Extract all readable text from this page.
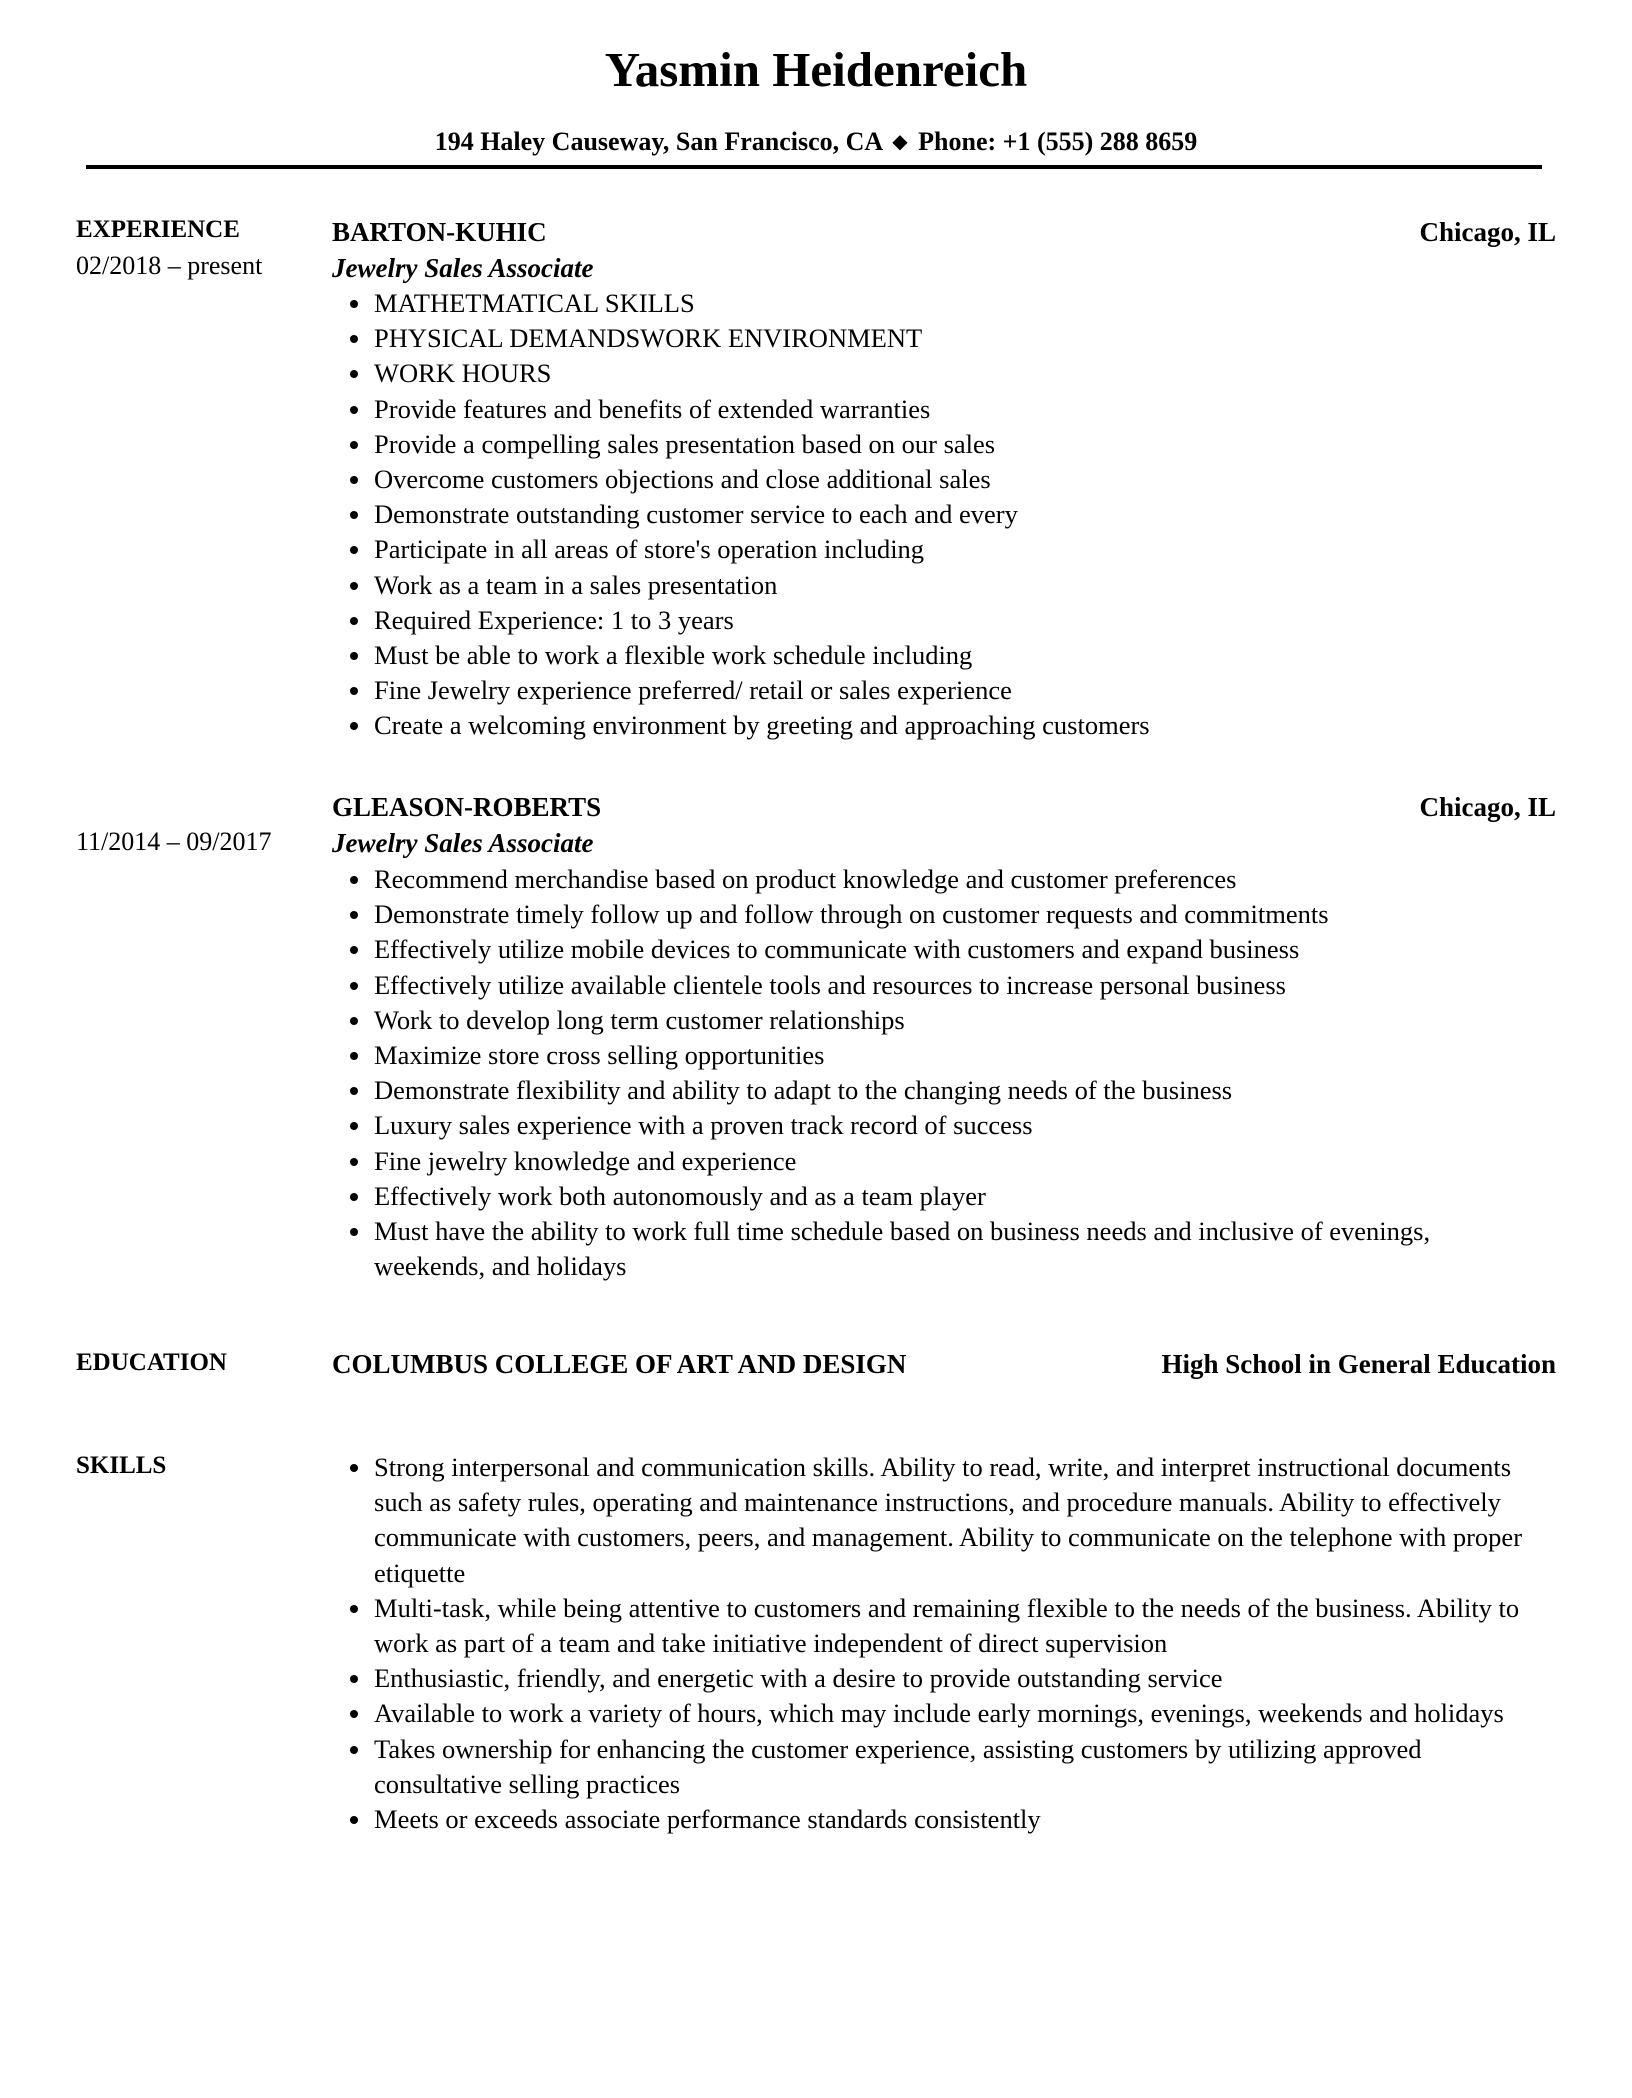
Yasmin Heidenreich
194 Haley Causeway, San Francisco, CA ◆ Phone: +1 (555) 288 8659
EXPERIENCE
02/2018 – present
BARTON-KUHIC	Chicago, IL
Jewelry Sales Associate
MATHETMATICAL SKILLS
PHYSICAL DEMANDSWORK ENVIRONMENT
WORK HOURS
Provide features and benefits of extended warranties
Provide a compelling sales presentation based on our sales
Overcome customers objections and close additional sales
Demonstrate outstanding customer service to each and every
Participate in all areas of store's operation including
Work as a team in a sales presentation
Required Experience: 1 to 3 years
Must be able to work a flexible work schedule including
Fine Jewelry experience preferred/ retail or sales experience
Create a welcoming environment by greeting and approaching customers
11/2014 – 09/2017
GLEASON-ROBERTS	Chicago, IL
Jewelry Sales Associate
Recommend merchandise based on product knowledge and customer preferences
Demonstrate timely follow up and follow through on customer requests and commitments
Effectively utilize mobile devices to communicate with customers and expand business
Effectively utilize available clientele tools and resources to increase personal business
Work to develop long term customer relationships
Maximize store cross selling opportunities
Demonstrate flexibility and ability to adapt to the changing needs of the business
Luxury sales experience with a proven track record of success
Fine jewelry knowledge and experience
Effectively work both autonomously and as a team player
Must have the ability to work full time schedule based on business needs and inclusive of evenings, weekends, and holidays
EDUCATION	COLUMBUS COLLEGE OF ART AND DESIGN	High School in General Education
SKILLS	Strong interpersonal and communication skills. Ability to read, write, and interpret instructional documents such as safety rules, operating and maintenance instructions, and procedure manuals. Ability to effectively communicate with customers, peers, and management. Ability to communicate on the telephone with proper etiquette
Multi-task, while being attentive to customers and remaining flexible to the needs of the business. Ability to work as part of a team and take initiative independent of direct supervision
Enthusiastic, friendly, and energetic with a desire to provide outstanding service
Available to work a variety of hours, which may include early mornings, evenings, weekends and holidays
Takes ownership for enhancing the customer experience, assisting customers by utilizing approved consultative selling practices
Meets or exceeds associate performance standards consistently
